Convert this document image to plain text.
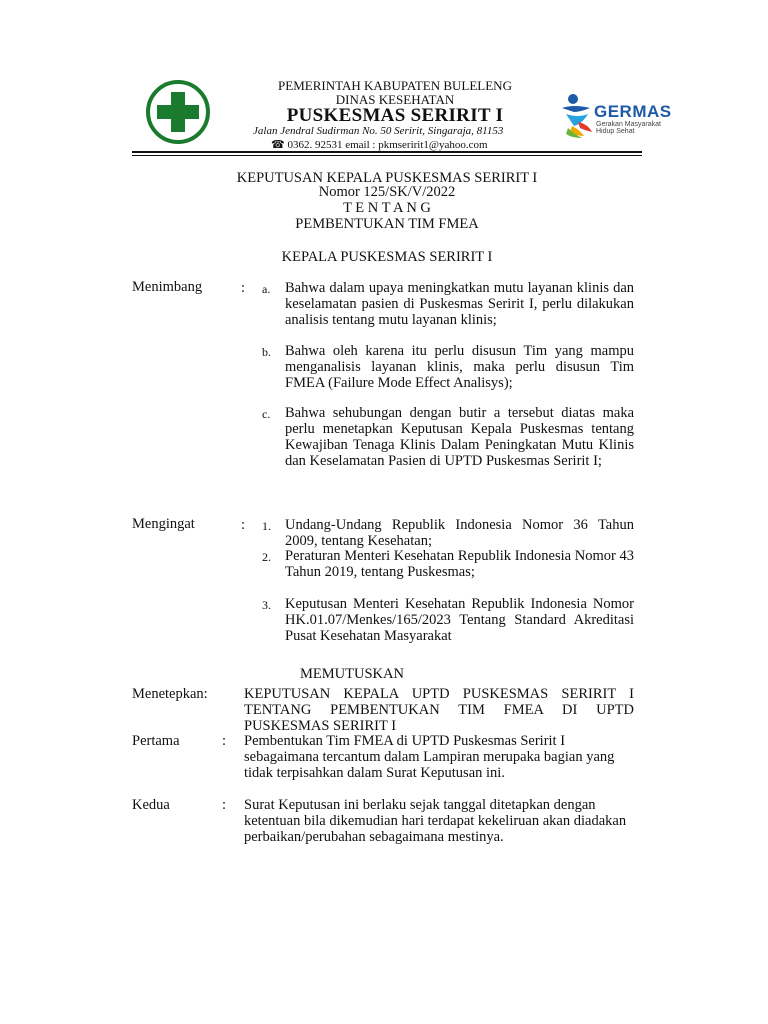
PEMERINTAH KABUPATEN BULELENG
DINAS KESEHATAN
PUSKESMAS SERIRIT I
Jalan Jendral Sudirman No. 50 Seririt, Singaraja, 81153
☎ 0362. 92531 email : pkmseririt1@yahoo.com
GERMAS
Gerakan Masyarakat
Hidup Sehat
KEPUTUSAN KEPALA PUSKESMAS SERIRIT I
Nomor 125/SK/V/2022
T E N T A N G
PEMBENTUKAN TIM FMEA
KEPALA PUSKESMAS SERIRIT I
Menimbang	: a. Bahwa dalam upaya meningkatkan mutu layanan klinis dan keselamatan pasien di Puskesmas Seririt I, perlu dilakukan analisis tentang mutu layanan klinis;
b. Bahwa oleh karena itu perlu disusun Tim yang mampu menganalisis layanan klinis, maka perlu disusun Tim FMEA (Failure Mode Effect Analisys);
c. Bahwa sehubungan dengan butir a tersebut diatas maka perlu menetapkan Keputusan Kepala Puskesmas tentang Kewajiban Tenaga Klinis Dalam Peningkatan Mutu Klinis dan Keselamatan Pasien di UPTD Puskesmas Seririt I;
Mengingat	: 1. Undang-Undang Republik Indonesia Nomor 36 Tahun 2009, tentang Kesehatan;
2. Peraturan Menteri Kesehatan Republik Indonesia Nomor 43 Tahun 2019, tentang Puskesmas;
3. Keputusan Menteri Kesehatan Republik Indonesia Nomor HK.01.07/Menkes/165/2023 Tentang Standard Akreditasi Pusat Kesehatan Masyarakat
MEMUTUSKAN
Menetepkan:	KEPUTUSAN KEPALA UPTD PUSKESMAS SERIRIT I TENTANG PEMBENTUKAN TIM FMEA DI UPTD PUSKESMAS SERIRIT I
Pertama	: Pembentukan Tim FMEA di UPTD Puskesmas Seririt I sebagaimana tercantum dalam Lampiran merupaka bagian yang tidak terpisahkan dalam Surat Keputusan ini.
Kedua	: Surat Keputusan ini berlaku sejak tanggal ditetapkan dengan ketentuan bila dikemudian hari terdapat kekeliruan akan diadakan perbaikan/perubahan sebagaimana mestinya.
